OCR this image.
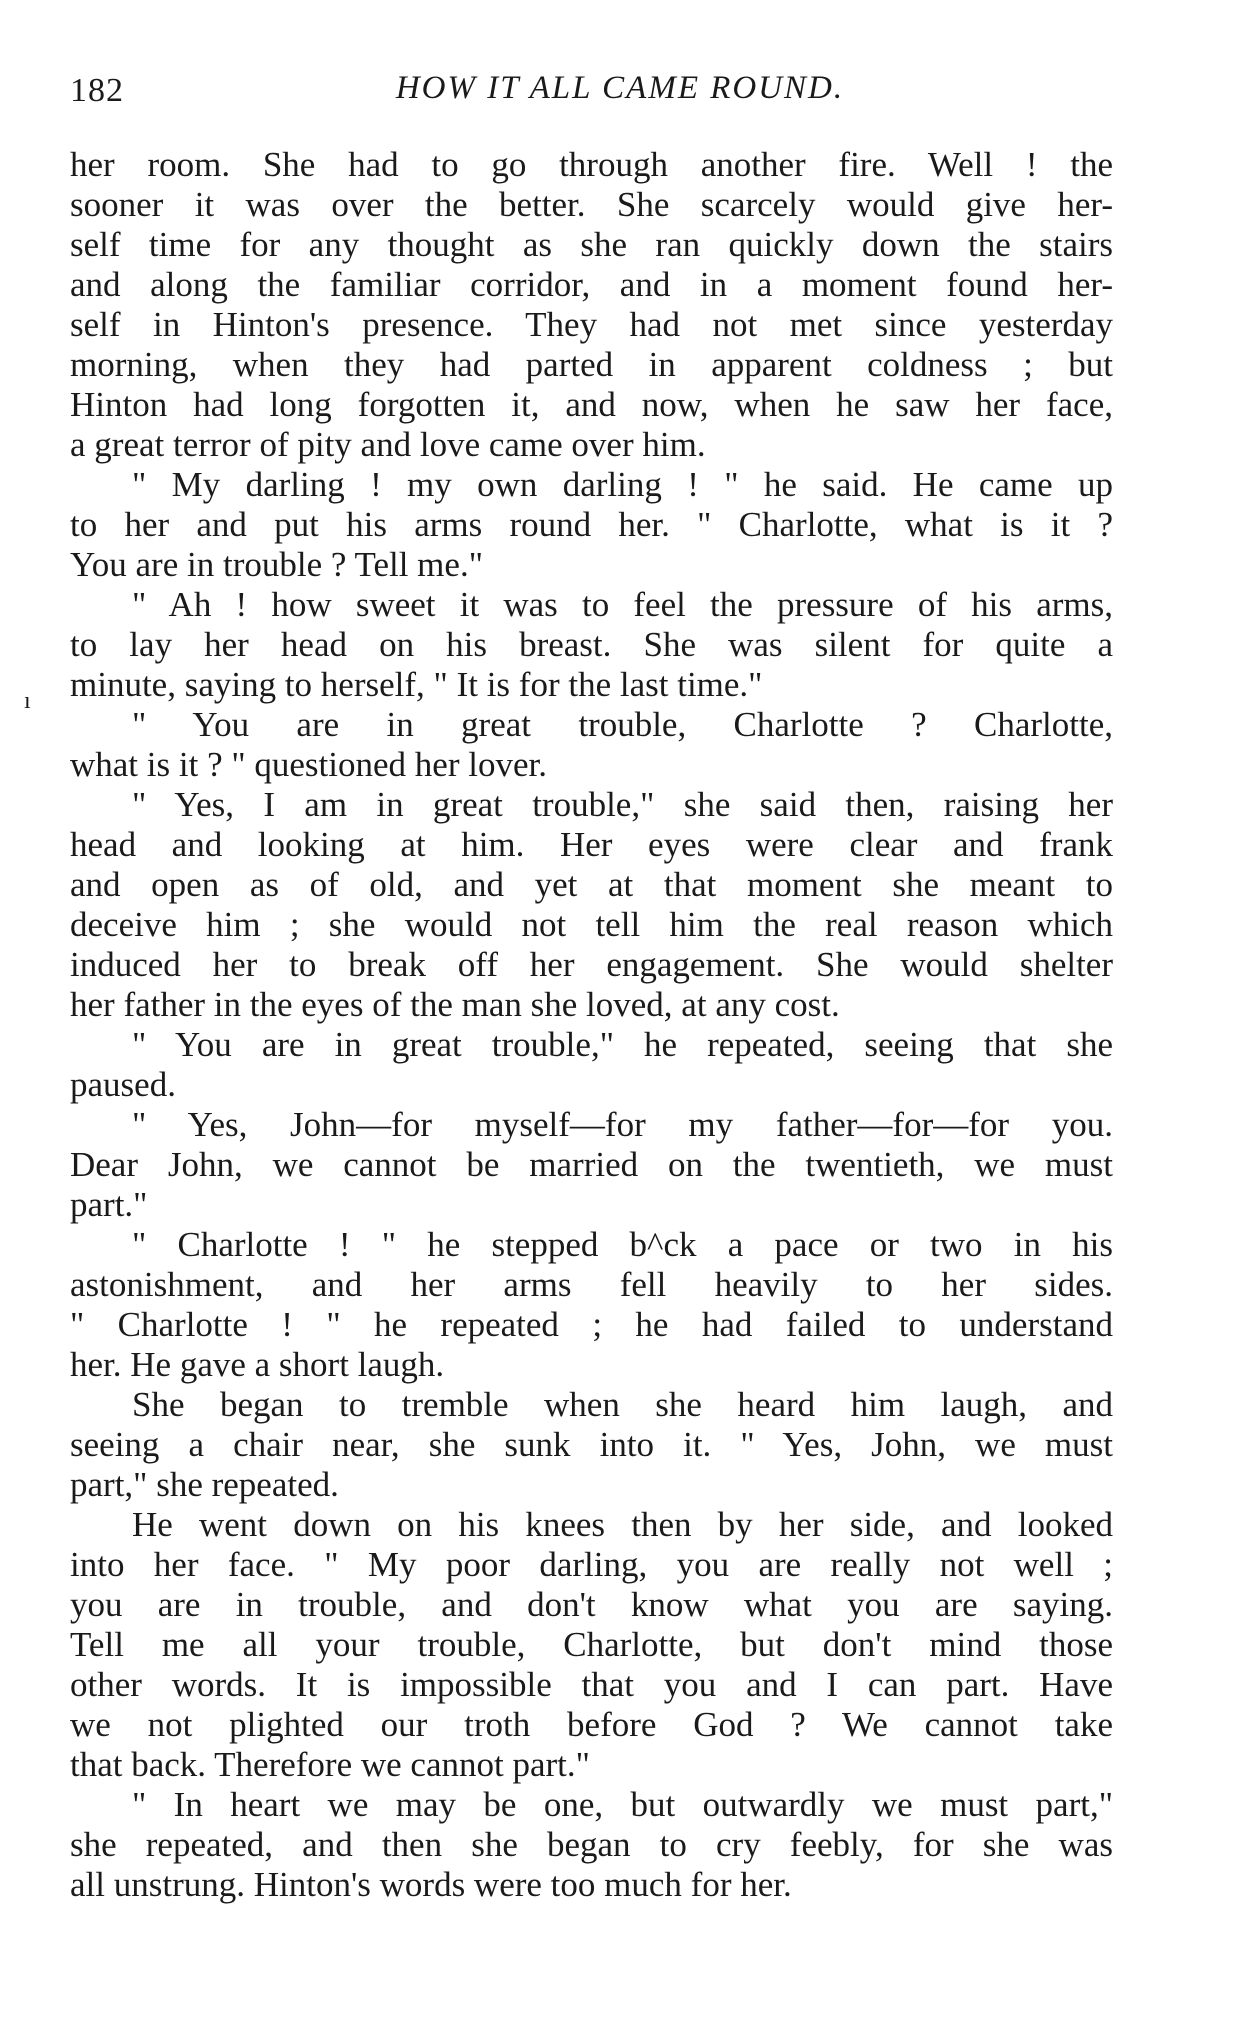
182	HOW IT ALL CAME ROUND.
ı
her room. She had to go through another fire. Well ! the
sooner it was over the better. She scarcely would give her-
self time for any thought as she ran quickly down the stairs
and along the familiar corridor, and in a moment found her-
self in Hinton's presence. They had not met since yesterday
morning, when they had parted in apparent coldness ; but
Hinton had long forgotten it, and now, when he saw her face,
a great terror of pity and love came over him.
" My darling ! my own darling ! " he said. He came up
to her and put his arms round her. " Charlotte, what is it ?
You are in trouble ? Tell me."
" Ah ! how sweet it was to feel the pressure of his arms,
to lay her head on his breast. She was silent for quite a
minute, saying to herself, " It is for the last time."
" You are in great trouble, Charlotte ? Charlotte,
what is it ? " questioned her lover.
" Yes, I am in great trouble," she said then, raising her
head and looking at him. Her eyes were clear and frank
and open as of old, and yet at that moment she meant to
deceive him ; she would not tell him the real reason which
induced her to break off her engagement. She would shelter
her father in the eyes of the man she loved, at any cost.
" You are in great trouble," he repeated, seeing that she
paused.
" Yes, John—for myself—for my father—for—for you.
Dear John, we cannot be married on the twentieth, we must
part."
" Charlotte ! " he stepped b^ck a pace or two in his
astonishment, and her arms fell heavily to her sides.
" Charlotte ! " he repeated ; he had failed to understand
her. He gave a short laugh.
She began to tremble when she heard him laugh, and
seeing a chair near, she sunk into it. " Yes, John, we must
part," she repeated.
He went down on his knees then by her side, and looked
into her face. " My poor darling, you are really not well ;
you are in trouble, and don't know what you are saying.
Tell me all your trouble, Charlotte, but don't mind those
other words. It is impossible that you and I can part. Have
we not plighted our troth before God ? We cannot take
that back. Therefore we cannot part."
" In heart we may be one, but outwardly we must part,"
she repeated, and then she began to cry feebly, for she was
all unstrung. Hinton's words were too much for her.
